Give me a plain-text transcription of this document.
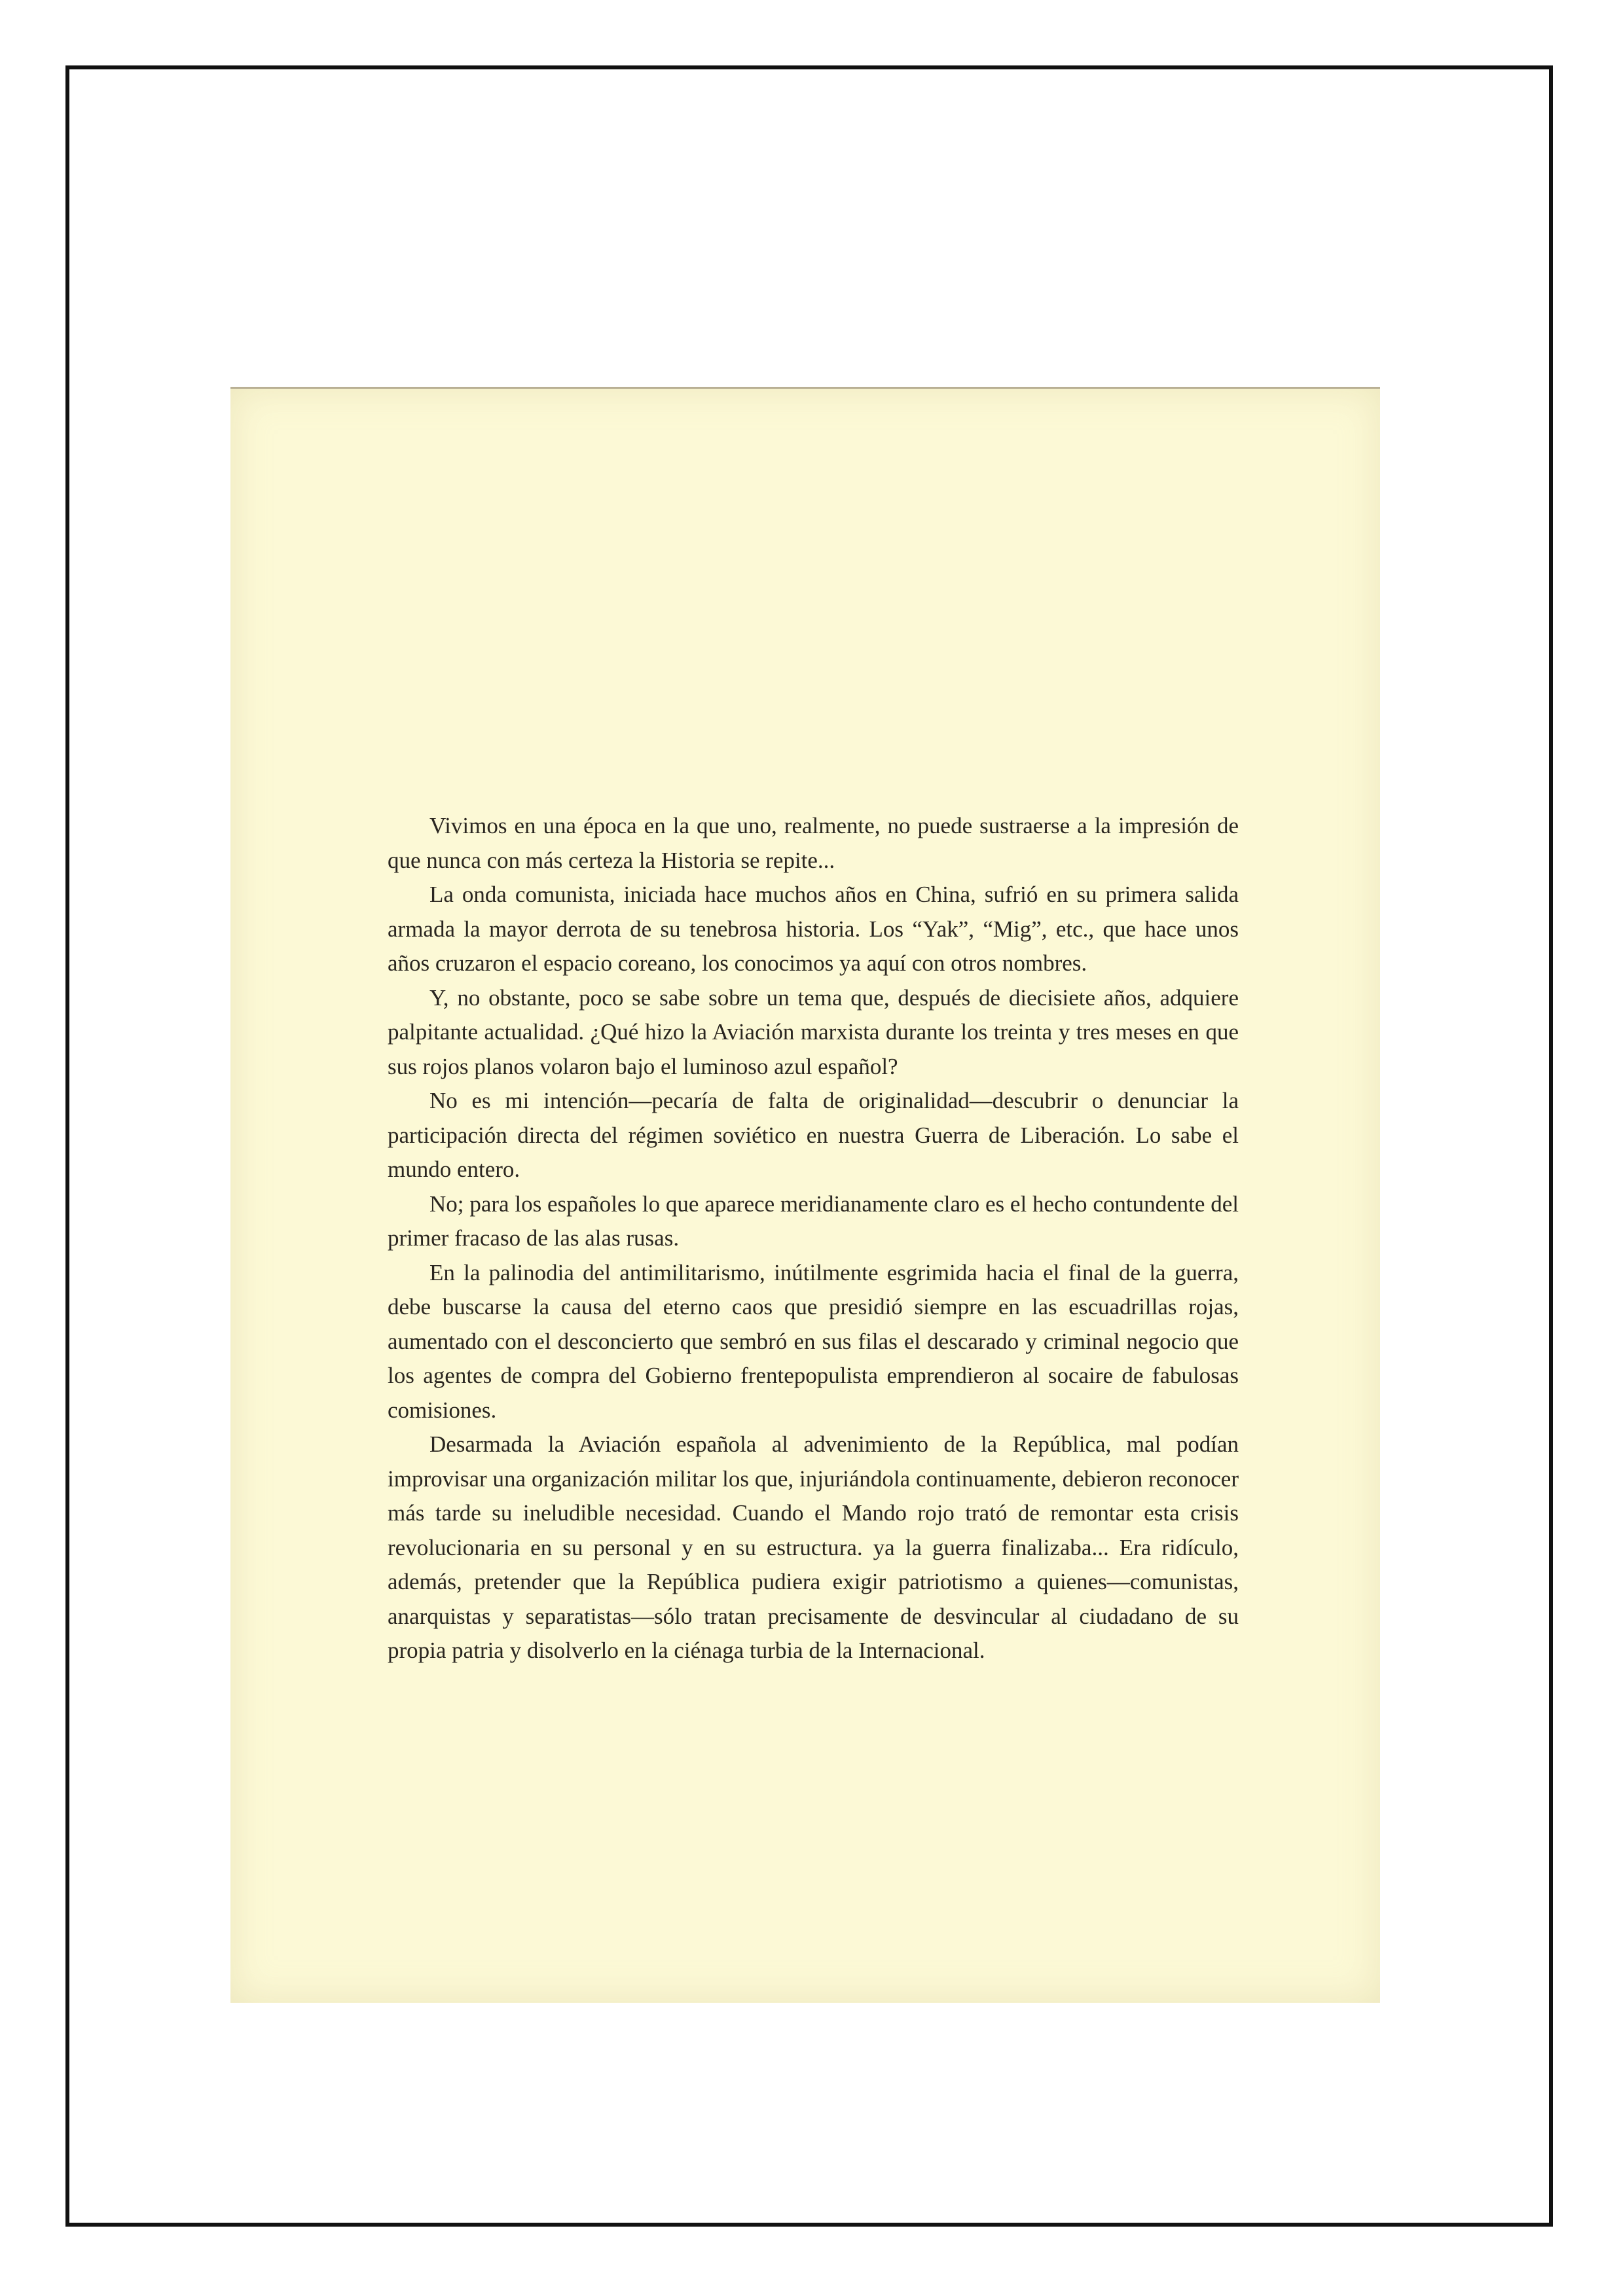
Vivimos en una época en la que uno, realmente, no puede sustraerse a la impresión de que nunca con más certeza la Historia se repite...

La onda comunista, iniciada hace muchos años en China, sufrió en su primera salida armada la mayor derrota de su tenebrosa historia. Los “Yak”, “Mig”, etc., que hace unos años cruzaron el espacio coreano, los conocimos ya aquí con otros nombres.

Y, no obstante, poco se sabe sobre un tema que, después de diecisiete años, adquiere palpitante actualidad. ¿Qué hizo la Aviación marxista durante los treinta y tres meses en que sus rojos planos volaron bajo el luminoso azul español?

No es mi intención—pecaría de falta de originalidad—descubrir o denunciar la participación directa del régimen soviético en nuestra Guerra de Liberación. Lo sabe el mundo entero.

No; para los españoles lo que aparece meridianamente claro es el hecho contundente del primer fracaso de las alas rusas.

En la palinodia del antimilitarismo, inútilmente esgrimida hacia el final de la guerra, debe buscarse la causa del eterno caos que presidió siempre en las escuadrillas rojas, aumentado con el desconcierto que sembró en sus filas el descarado y criminal negocio que los agentes de compra del Gobierno frentepopulista emprendieron al socaire de fabulosas comisiones.

Desarmada la Aviación española al advenimiento de la República, mal podían improvisar una organización militar los que, injuriándola continuamente, debieron reconocer más tarde su ineludible necesidad. Cuando el Mando rojo trató de remontar esta crisis revolucionaria en su personal y en su estructura. ya la guerra finalizaba... Era ridículo, además, pretender que la República pudiera exigir patriotismo a quienes—comunistas, anarquistas y separatistas—sólo tratan precisamente de desvincular al ciudadano de su propia patria y disolverlo en la ciénaga turbia de la Internacional.
